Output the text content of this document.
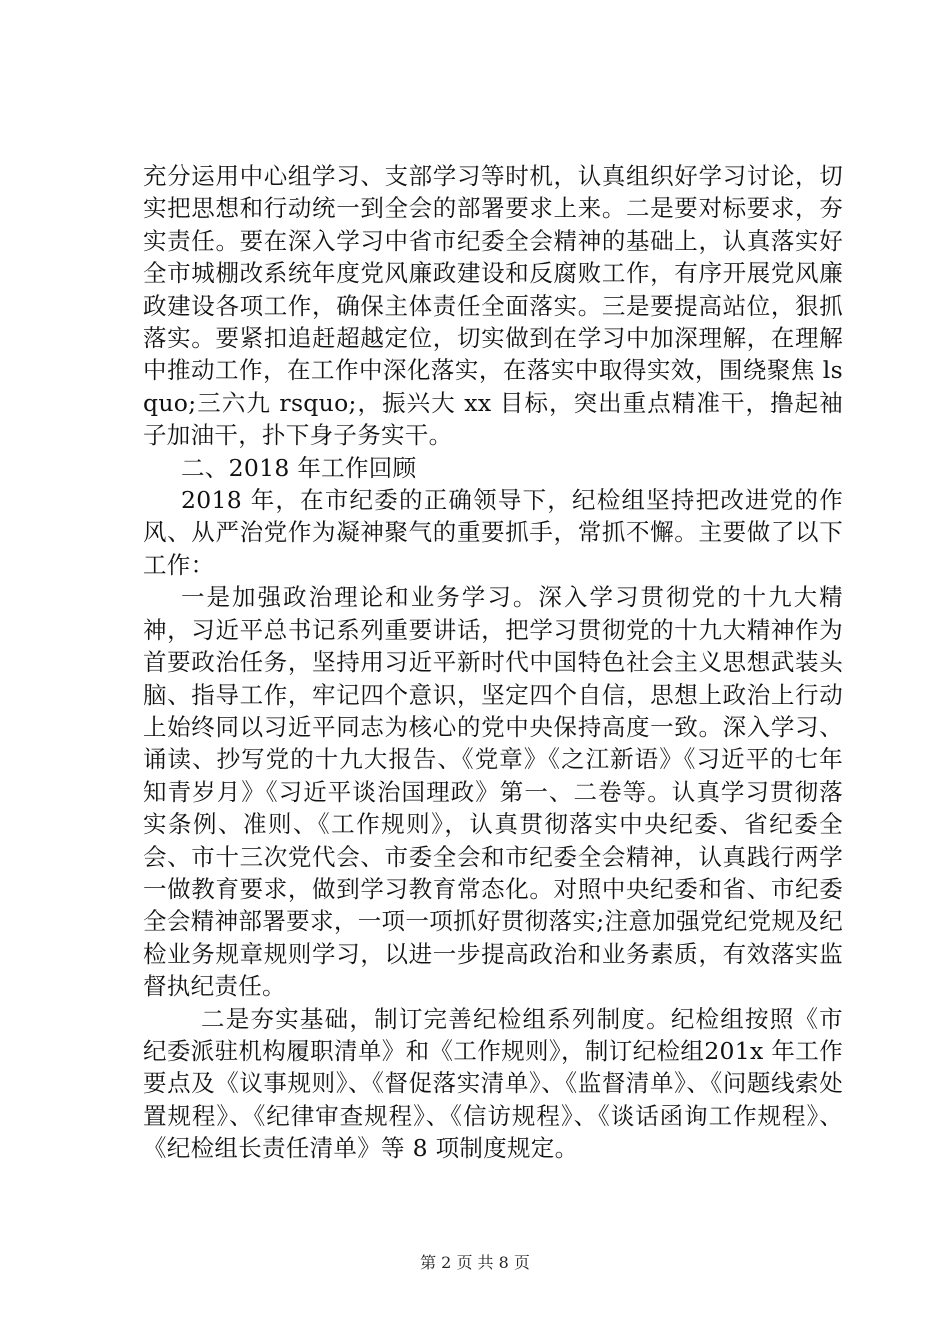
充分运用中心组学习、支部学习等时机，认真组织好学习讨论，切实把思想和行动统一到全会的部署要求上来。二是要对标要求，夯实责任。要在深入学习中省市纪委全会精神的基础上，认真落实好全市城棚改系统年度党风廉政建设和反腐败工作，有序开展党风廉政建设各项工作，确保主体责任全面落实。三是要提高站位，狠抓落实。要紧扣追赶超越定位，切实做到在学习中加深理解，在理解中推动工作，在工作中深化落实，在落实中取得实效，围绕聚焦 lsquo;三六九 rsquo;，振兴大 xx 目标，突出重点精准干，撸起袖子加油干，扑下身子务实干。

二、2018 年工作回顾

2018 年，在市纪委的正确领导下，纪检组坚持把改进党的作风、从严治党作为凝神聚气的重要抓手，常抓不懈。主要做了以下工作：

一是加强政治理论和业务学习。深入学习贯彻党的十九大精神，习近平总书记系列重要讲话，把学习贯彻党的十九大精神作为首要政治任务，坚持用习近平新时代中国特色社会主义思想武装头脑、指导工作，牢记四个意识，坚定四个自信，思想上政治上行动上始终同以习近平同志为核心的党中央保持高度一致。深入学习、诵读、抄写党的十九大报告、《党章》《之江新语》《习近平的七年知青岁月》《习近平谈治国理政》第一、二卷等。认真学习贯彻落实条例、准则、《工作规则》，认真贯彻落实中央纪委、省纪委全会、市十三次党代会、市委全会和市纪委全会精神，认真践行两学一做教育要求，做到学习教育常态化。对照中央纪委和省、市纪委全会精神部署要求，一项一项抓好贯彻落实;注意加强党纪党规及纪检业务规章规则学习，以进一步提高政治和业务素质，有效落实监督执纪责任。

二是夯实基础，制订完善纪检组系列制度。纪检组按照《市纪委派驻机构履职清单》和《工作规则》，制订纪检组201x 年工作要点及《议事规则》、《督促落实清单》、《监督清单》、《问题线索处置规程》、《纪律审查规程》、《信访规程》、《谈话函询工作规程》、《纪检组长责任清单》等 8 项制度规定。

第 2 页 共 8 页
